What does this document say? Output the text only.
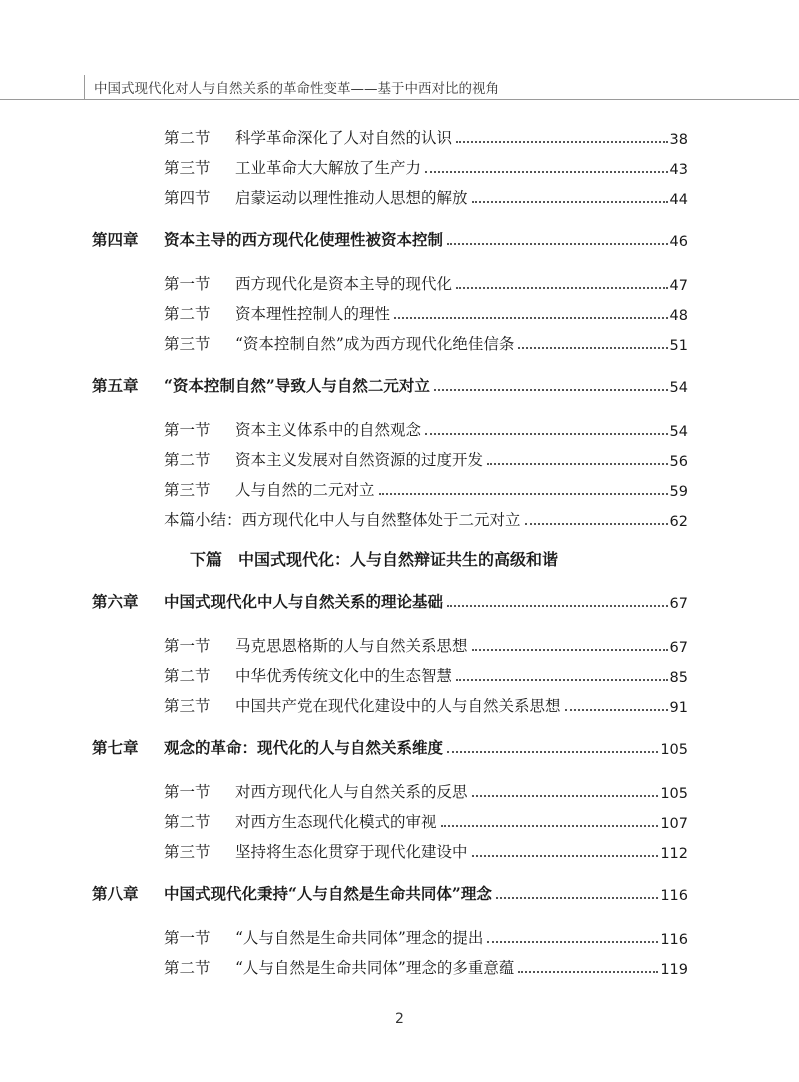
中国式现代化对人与自然关系的革命性变革——基于中西对比的视角
第二节	科学革命深化了人对自然的认识	38
第三节	工业革命大大解放了生产力	43
第四节	启蒙运动以理性推动人思想的解放	44
第四章	资本主导的西方现代化使理性被资本控制	46
第一节	西方现代化是资本主导的现代化	47
第二节	资本理性控制人的理性	48
第三节	“资本控制自然”成为西方现代化绝佳信条	51
第五章	“资本控制自然”导致人与自然二元对立	54
第一节	资本主义体系中的自然观念	54
第二节	资本主义发展对自然资源的过度开发	56
第三节	人与自然的二元对立	59
本篇小结：西方现代化中人与自然整体处于二元对立	62
下篇　中国式现代化：人与自然辩证共生的高级和谐
第六章	中国式现代化中人与自然关系的理论基础	67
第一节	马克思恩格斯的人与自然关系思想	67
第二节	中华优秀传统文化中的生态智慧	85
第三节	中国共产党在现代化建设中的人与自然关系思想	91
第七章	观念的革命：现代化的人与自然关系维度	105
第一节	对西方现代化人与自然关系的反思	105
第二节	对西方生态现代化模式的审视	107
第三节	坚持将生态化贯穿于现代化建设中	112
第八章	中国式现代化秉持“人与自然是生命共同体”理念	116
第一节	“人与自然是生命共同体”理念的提出	116
第二节	“人与自然是生命共同体”理念的多重意蕴	119
2
